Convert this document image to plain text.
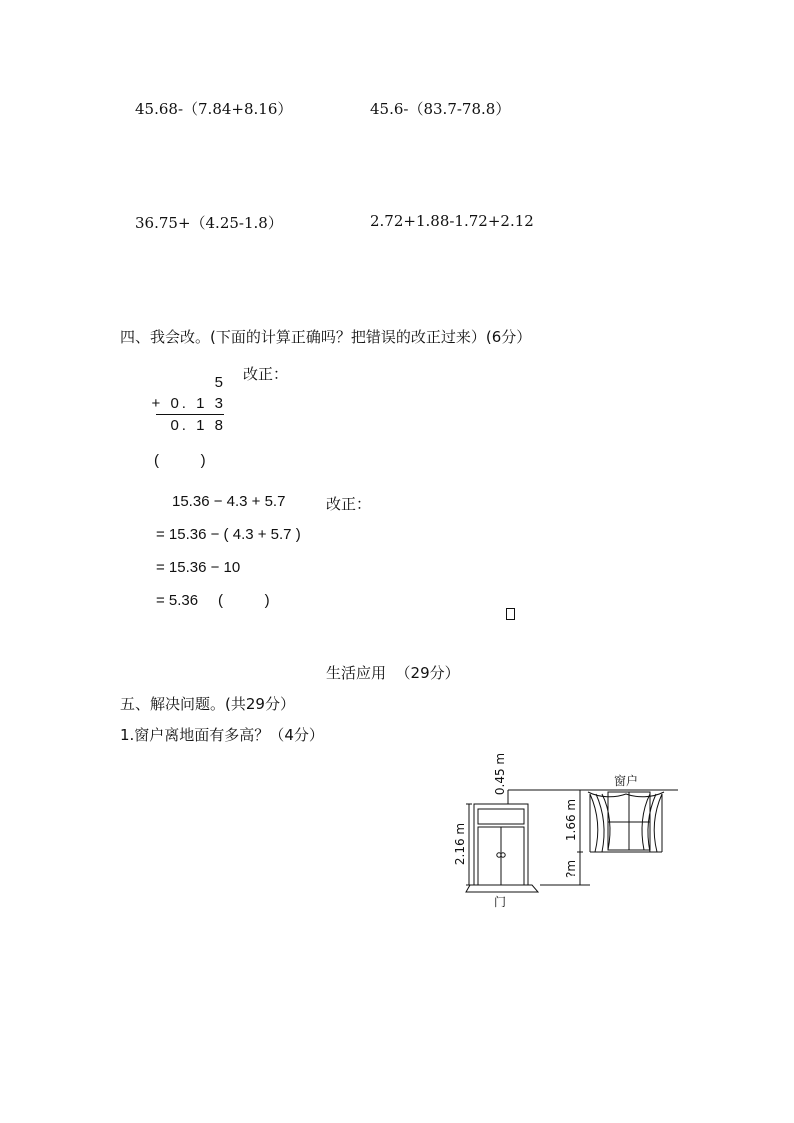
45.68-（7.84+8.16）	45.6-（83.7-78.8）
36.75+（4.25-1.8）	2.72+1.88-1.72+2.12
四、我会改。(下面的计算正确吗？把错误的改正过来）(6分）
改正：
5
+ 0. 1 3
0. 1 8
(          )
15.36 − 4.3 + 5.7	改正：
= 15.36 − ( 4.3 + 5.7 )
= 15.36 − 10
= 5.36 (          )
生活应用  （29分）
五、解决问题。(共29分）
1.窗户离地面有多高？（4分）
门
窗户
2.16 m
0.45 m
1.66 m
?m
